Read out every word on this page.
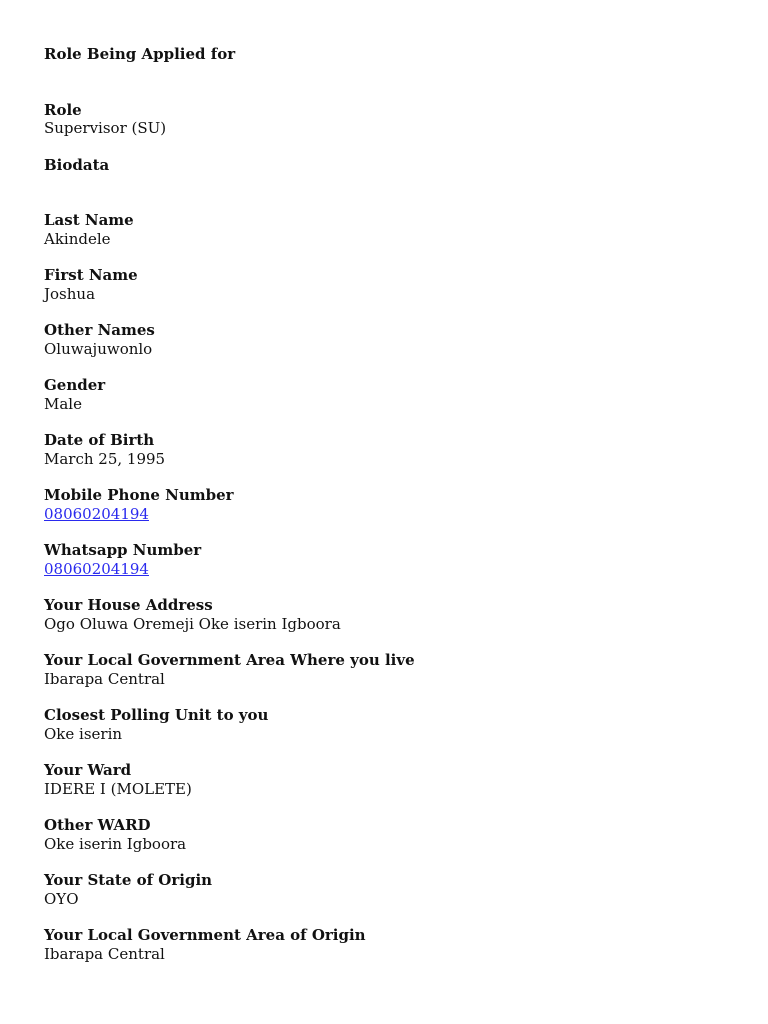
Role Being Applied for
Role
Supervisor (SU)
Biodata
Last Name
Akindele
First Name
Joshua
Other Names
Oluwajuwonlo
Gender
Male
Date of Birth
March 25, 1995
Mobile Phone Number
08060204194
Whatsapp Number
08060204194
Your House Address
Ogo Oluwa Oremeji Oke iserin Igboora
Your Local Government Area Where you live
Ibarapa Central
Closest Polling Unit to you
Oke iserin
Your Ward
IDERE I (MOLETE)
Other WARD
Oke iserin Igboora
Your State of Origin
OYO
Your Local Government Area of Origin
Ibarapa Central
